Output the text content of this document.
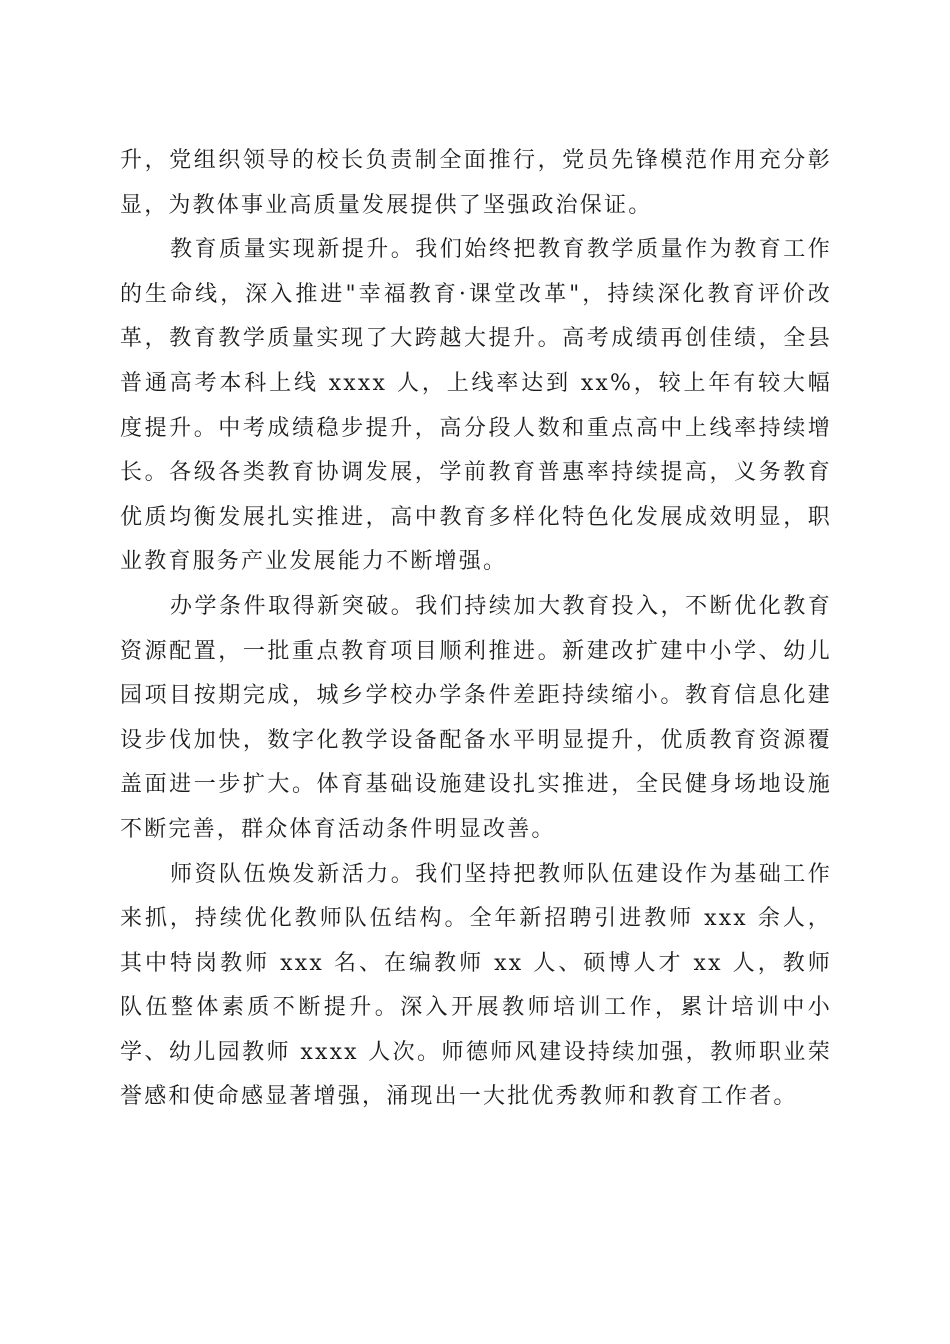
升，党组织领导的校长负责制全面推行，党员先锋模范作用充分彰显，为教体事业高质量发展提供了坚强政治保证。

教育质量实现新提升。我们始终把教育教学质量作为教育工作的生命线，深入推进"幸福教育·课堂改革"，持续深化教育评价改革，教育教学质量实现了大跨越大提升。高考成绩再创佳绩，全县普通高考本科上线 xxxx 人，上线率达到 xx%，较上年有较大幅度提升。中考成绩稳步提升，高分段人数和重点高中上线率持续增长。各级各类教育协调发展，学前教育普惠率持续提高，义务教育优质均衡发展扎实推进，高中教育多样化特色化发展成效明显，职业教育服务产业发展能力不断增强。

办学条件取得新突破。我们持续加大教育投入，不断优化教育资源配置，一批重点教育项目顺利推进。新建改扩建中小学、幼儿园项目按期完成，城乡学校办学条件差距持续缩小。教育信息化建设步伐加快，数字化教学设备配备水平明显提升，优质教育资源覆盖面进一步扩大。体育基础设施建设扎实推进，全民健身场地设施不断完善，群众体育活动条件明显改善。

师资队伍焕发新活力。我们坚持把教师队伍建设作为基础工作来抓，持续优化教师队伍结构。全年新招聘引进教师 xxx 余人，其中特岗教师 xxx 名、在编教师 xx 人、硕博人才 xx 人，教师队伍整体素质不断提升。深入开展教师培训工作，累计培训中小学、幼儿园教师 xxxx 人次。师德师风建设持续加强，教师职业荣誉感和使命感显著增强，涌现出一大批优秀教师和教育工作者。
